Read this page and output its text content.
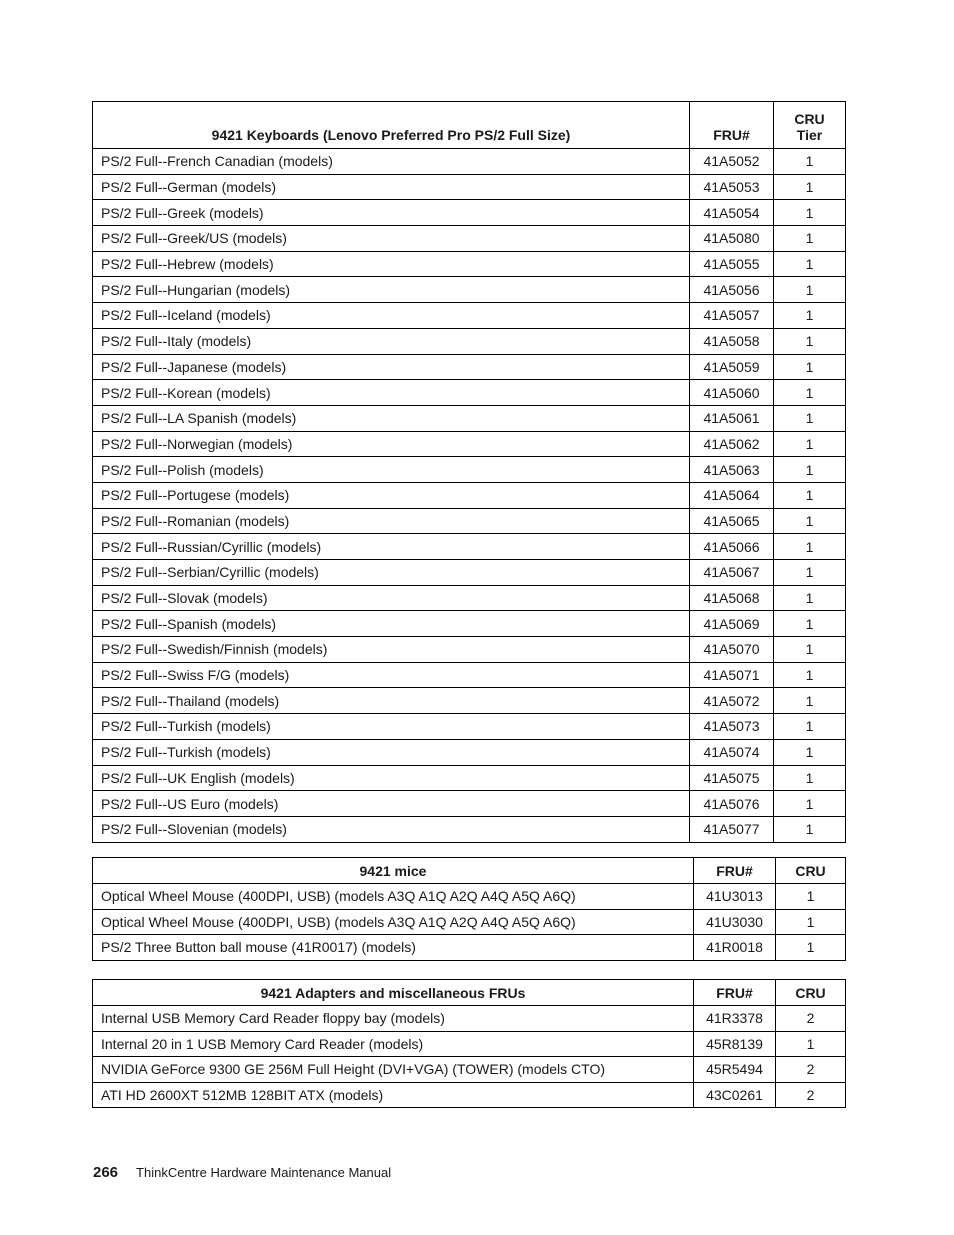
9421 Keyboards (Lenovo Preferred Pro PS/2 Full Size)	FRU#	CRU
Tier
PS/2 Full--French Canadian (models)	41A5052	1
PS/2 Full--German (models)	41A5053	1
PS/2 Full--Greek (models)	41A5054	1
PS/2 Full--Greek/US (models)	41A5080	1
PS/2 Full--Hebrew (models)	41A5055	1
PS/2 Full--Hungarian (models)	41A5056	1
PS/2 Full--Iceland (models)	41A5057	1
PS/2 Full--Italy (models)	41A5058	1
PS/2 Full--Japanese (models)	41A5059	1
PS/2 Full--Korean (models)	41A5060	1
PS/2 Full--LA Spanish (models)	41A5061	1
PS/2 Full--Norwegian (models)	41A5062	1
PS/2 Full--Polish (models)	41A5063	1
PS/2 Full--Portugese (models)	41A5064	1
PS/2 Full--Romanian (models)	41A5065	1
PS/2 Full--Russian/Cyrillic (models)	41A5066	1
PS/2 Full--Serbian/Cyrillic (models)	41A5067	1
PS/2 Full--Slovak (models)	41A5068	1
PS/2 Full--Spanish (models)	41A5069	1
PS/2 Full--Swedish/Finnish (models)	41A5070	1
PS/2 Full--Swiss F/G (models)	41A5071	1
PS/2 Full--Thailand (models)	41A5072	1
PS/2 Full--Turkish (models)	41A5073	1
PS/2 Full--Turkish (models)	41A5074	1
PS/2 Full--UK English (models)	41A5075	1
PS/2 Full--US Euro (models)	41A5076	1
PS/2 Full--Slovenian (models)	41A5077	1
9421 mice	FRU#	CRU
Optical Wheel Mouse (400DPI, USB) (models A3Q A1Q A2Q A4Q A5Q A6Q)	41U3013	1
Optical Wheel Mouse (400DPI, USB) (models A3Q A1Q A2Q A4Q A5Q A6Q)	41U3030	1
PS/2 Three Button ball mouse (41R0017) (models)	41R0018	1
9421 Adapters and miscellaneous FRUs	FRU#	CRU
Internal USB Memory Card Reader floppy bay (models)	41R3378	2
Internal 20 in 1 USB Memory Card Reader (models)	45R8139	1
NVIDIA GeForce 9300 GE 256M Full Height (DVI+VGA) (TOWER) (models CTO)	45R5494	2
ATI HD 2600XT 512MB 128BIT ATX (models)	43C0261	2
266 ThinkCentre Hardware Maintenance Manual
